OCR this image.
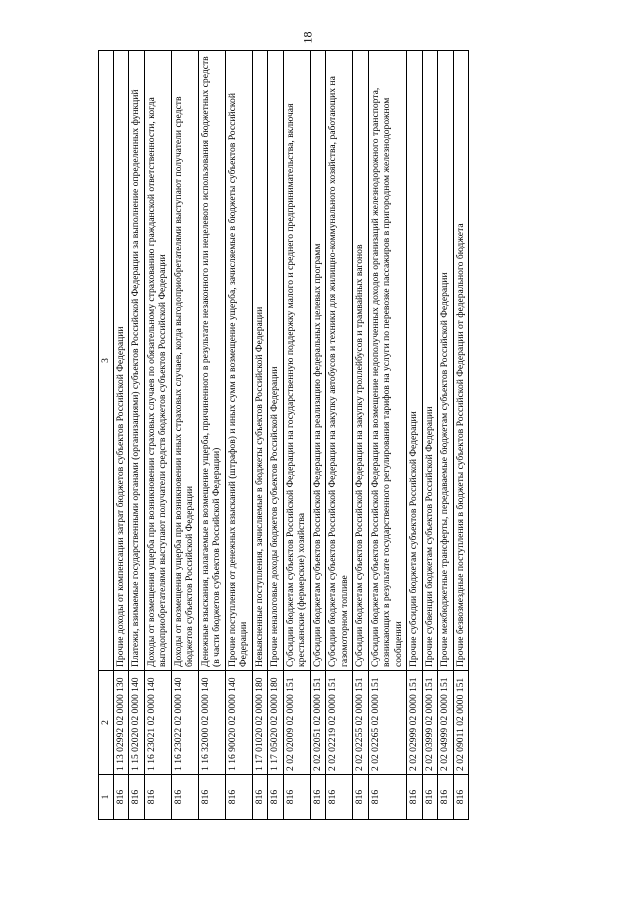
18
1	2	3
816	1 13 02992 02 0000 130	Прочие доходы от компенсации затрат бюджетов субъектов Российской Федерации
816	1 15 02020 02 0000 140	Платежи, взимаемые государственными органами (организациями) субъектов Российской Федерации за выполнение определенных функций
816	1 16 23021 02 0000 140	Доходы от возмещения ущерба при возникновении страховых случаев по обязательному страхованию гражданской ответственности, когда выгодоприобретателями выступают получатели средств бюджетов субъектов Российской Федерации
816	1 16 23022 02 0000 140	Доходы от возмещения ущерба при возникновении иных страховых случаев, когда выгодоприобретателями выступают получатели средств бюджетов субъектов Российской Федерации
816	1 16 32000 02 0000 140	Денежные взыскания, налагаемые в возмещение ущерба, причиненного в результате незаконного или нецелевого использования бюджетных средств (в части бюджетов субъектов Российской Федерации)
816	1 16 90020 02 0000 140	Прочие поступления от денежных взысканий (штрафов) и иных сумм в возмещение ущерба, зачисляемые в бюджеты субъектов Российской Федерации
816	1 17 01020 02 0000 180	Невыясненные поступления, зачисляемые в бюджеты субъектов Российской Федерации
816	1 17 05020 02 0000 180	Прочие неналоговые доходы бюджетов субъектов Российской Федерации
816	2 02 02009 02 0000 151	Субсидии бюджетам субъектов Российской Федерации на государственную поддержку малого и среднего предпринимательства, включая крестьянские (фермерские) хозяйства
816	2 02 02051 02 0000 151	Субсидии бюджетам субъектов Российской Федерации на реализацию федеральных целевых программ
816	2 02 02219 02 0000 151	Субсидии бюджетам субъектов Российской Федерации на закупку автобусов и техники для жилищно-коммунального хозяйства, работающих на газомоторном топливе
816	2 02 02255 02 0000 151	Субсидии бюджетам субъектов Российской Федерации на закупку троллейбусов и трамвайных вагонов
816	2 02 02265 02 0000 151	Субсидии бюджетам субъектов Российской Федерации на возмещение недополученных доходов организаций железнодорожного транспорта, возникающих в результате государственного регулирования тарифов на услуги по перевозке пассажиров в пригородном железнодорожном сообщении
816	2 02 02999 02 0000 151	Прочие субсидии бюджетам субъектов Российской Федерации
816	2 02 03999 02 0000 151	Прочие субвенции бюджетам субъектов Российской Федерации
816	2 02 04999 02 0000 151	Прочие межбюджетные трансферты, передаваемые бюджетам субъектов Российской Федерации
816	2 02 09011 02 0000 151	Прочие безвозмездные поступления в бюджеты субъектов Российской Федерации от федерального бюджета
